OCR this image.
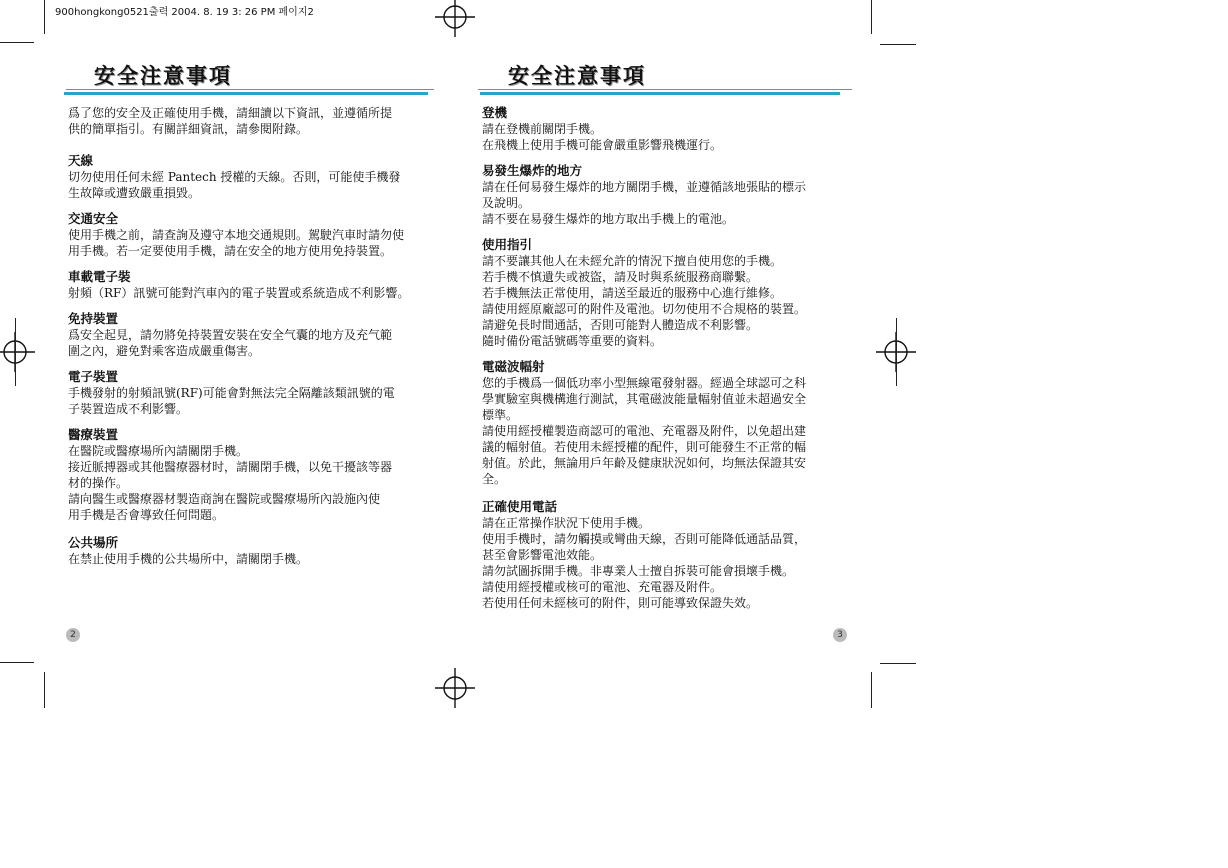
900hongkong0521출력 2004. 8. 19 3: 26 PM 페이지2
安全注意事項
爲了您的安全及正確使用手機，請細讀以下資訊，並遵循所提
供的簡單指引。有關詳細資訊，請參閱附錄。
天線
切勿使用任何未經 Pantech 授權的天線。否則，可能使手機發
生故障或遭致嚴重損毀。
交通安全
使用手機之前，請查詢及遵守本地交通規則。駕駛汽車时請勿使
用手機。若一定要使用手機，請在安全的地方使用免持裝置。
車載電子裝
射頻（RF）訊號可能對汽車內的電子裝置或系統造成不利影響。
免持裝置
爲安全起見，請勿將免持裝置安裝在安全气囊的地方及充气範
圍之內，避免對乘客造成嚴重傷害。
電子裝置
手機發射的射頻訊號(RF)可能會對無法完全隔離該類訊號的電
子裝置造成不利影響。
醫療裝置
在醫院或醫療場所內請關閉手機。
接近脈搏器或其他醫療器材时，請關閉手機，以免干擾該等器
材的操作。
請向醫生或醫療器材製造商詢在醫院或醫療場所內設施內使
用手機是否會導致任何問題。
公共場所
在禁止使用手機的公共場所中，請關閉手機。
2
安全注意事項
登機
請在登機前關閉手機。
在飛機上使用手機可能會嚴重影響飛機運行。
易發生爆炸的地方
請在任何易發生爆炸的地方關閉手機，並遵循該地張貼的標示
及說明。
請不要在易發生爆炸的地方取出手機上的電池。
使用指引
請不要讓其他人在未經允許的情況下擅自使用您的手機。
若手機不慎遺失或被盜，請及时與系統服務商聯繫。
若手機無法正常使用，請送至最近的服務中心進行維修。
請使用經原廠認可的附件及電池。切勿使用不合規格的裝置。
請避免長时間通話，否則可能對人體造成不利影響。
隨时備份電話號碼等重要的資料。
電磁波幅射
您的手機爲一個低功率小型無線電發射器。經過全球認可之科
學實驗室與機構進行測試，其電磁波能量幅射值並未超過安全
標準。
請使用經授權製造商認可的電池、充電器及附件，以免超出建
議的幅射值。若使用未經授權的配件，則可能發生不正常的幅
射值。於此，無論用戶年齡及健康狀況如何，均無法保證其安
全。
正確使用電話
請在正常操作狀況下使用手機。
使用手機时，請勿觸摸或彎曲天線，否則可能降低通話品質，
甚至會影響電池效能。
請勿試圖拆開手機。非專業人士擅自拆裝可能會損壞手機。
請使用經授權或核可的電池、充電器及附件。
若使用任何未經核可的附件，則可能導致保證失效。
3
